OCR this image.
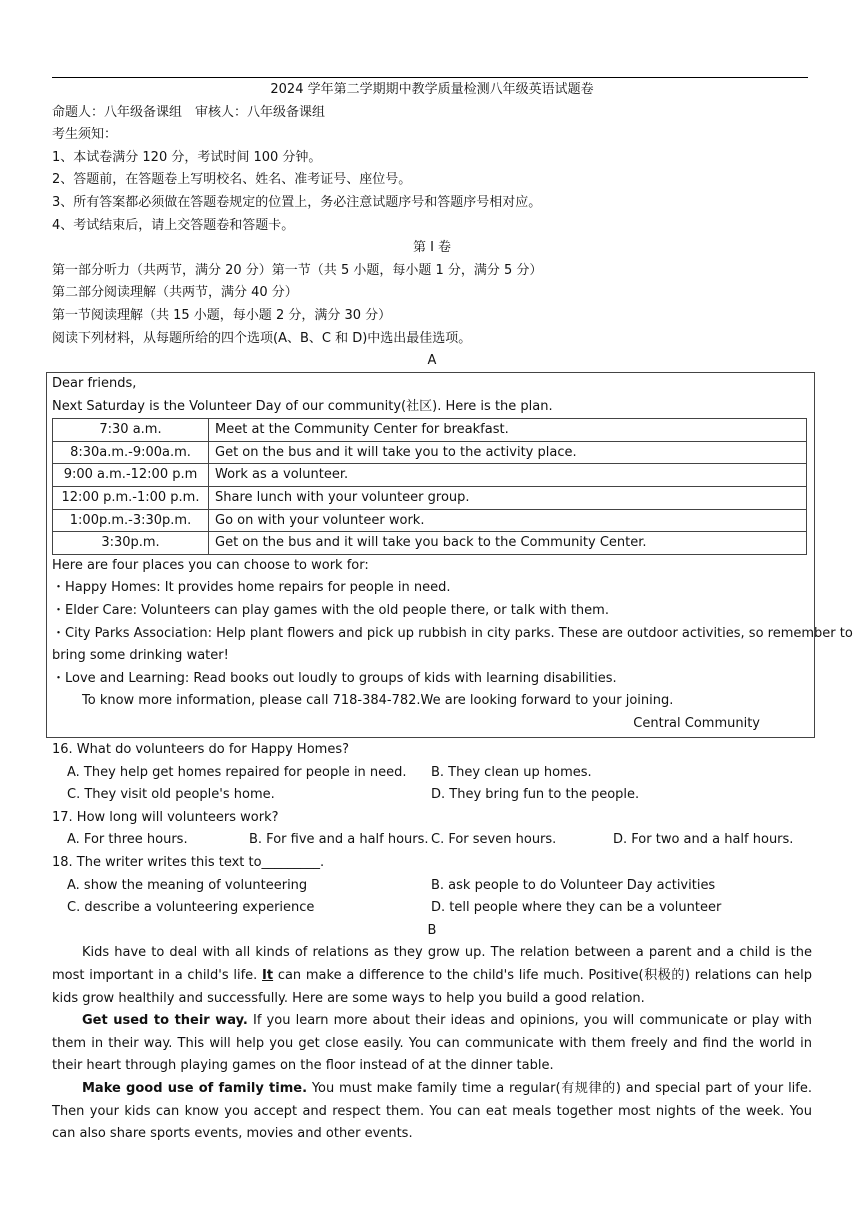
2024 学年第二学期期中教学质量检测八年级英语试题卷
命题人：八年级备课组　审核人：八年级备课组
考生须知：
1、本试卷满分 120 分，考试时间 100 分钟。
2、答题前，在答题卷上写明校名、姓名、准考证号、座位号。
3、所有答案都必须做在答题卷规定的位置上，务必注意试题序号和答题序号相对应。
4、考试结束后，请上交答题卷和答题卡。
第 I 卷
第一部分听力（共两节，满分 20 分）第一节（共 5 小题，每小题 1 分，满分 5 分）
第二部分阅读理解（共两节，满分 40 分）
第一节阅读理解（共 15 小题，每小题 2 分，满分 30 分）
阅读下列材料，从每题所给的四个选项(A、B、C 和 D)中选出最佳选项。
A
Dear friends,
Next Saturday is the Volunteer Day of our community(社区). Here is the plan.
7:30 a.m.	Meet at the Community Center for breakfast.
8:30a.m.-9:00a.m.	Get on the bus and it will take you to the activity place.
9:00 a.m.-12:00 p.m	Work as a volunteer.
12:00 p.m.-1:00 p.m.	Share lunch with your volunteer group.
1:00p.m.-3:30p.m.	Go on with your volunteer work.
3:30p.m.	Get on the bus and it will take you back to the Community Center.
Here are four places you can choose to work for:
・Happy Homes: It provides home repairs for people in need.
・Elder Care: Volunteers can play games with the old people there, or talk with them.
・City Parks Association: Help plant flowers and pick up rubbish in city parks. These are outdoor activities, so remember to
bring some drinking water!
・Love and Learning: Read books out loudly to groups of kids with learning disabilities.
To know more information, please call 718-384-782.We are looking forward to your joining.
Central Community
16. What do volunteers do for Happy Homes?
A. They help get homes repaired for people in need. B. They clean up homes.
C. They visit old people's home.	D. They bring fun to the people.
17. How long will volunteers work?
A. For three hours.	B. For five and a half hours. C. For seven hours.	D. For two and a half hours.
18. The writer writes this text to_________.
A. show the meaning of volunteering	B. ask people to do Volunteer Day activities
C. describe a volunteering experience	D. tell people where they can be a volunteer
B
Kids have to deal with all kinds of relations as they grow up. The relation between a parent and a child is the most important in a child's life. It can make a difference to the child's life much. Positive(积极的) relations can help kids grow healthily and successfully. Here are some ways to help you build a good relation.
Get used to their way. If you learn more about their ideas and opinions, you will communicate or play with them in their way. This will help you get close easily. You can communicate with them freely and find the world in their heart through playing games on the floor instead of at the dinner table.
Make good use of family time. You must make family time a regular(有规律的) and special part of your life. Then your kids can know you accept and respect them. You can eat meals together most nights of the week. You can also share sports events, movies and other events.
